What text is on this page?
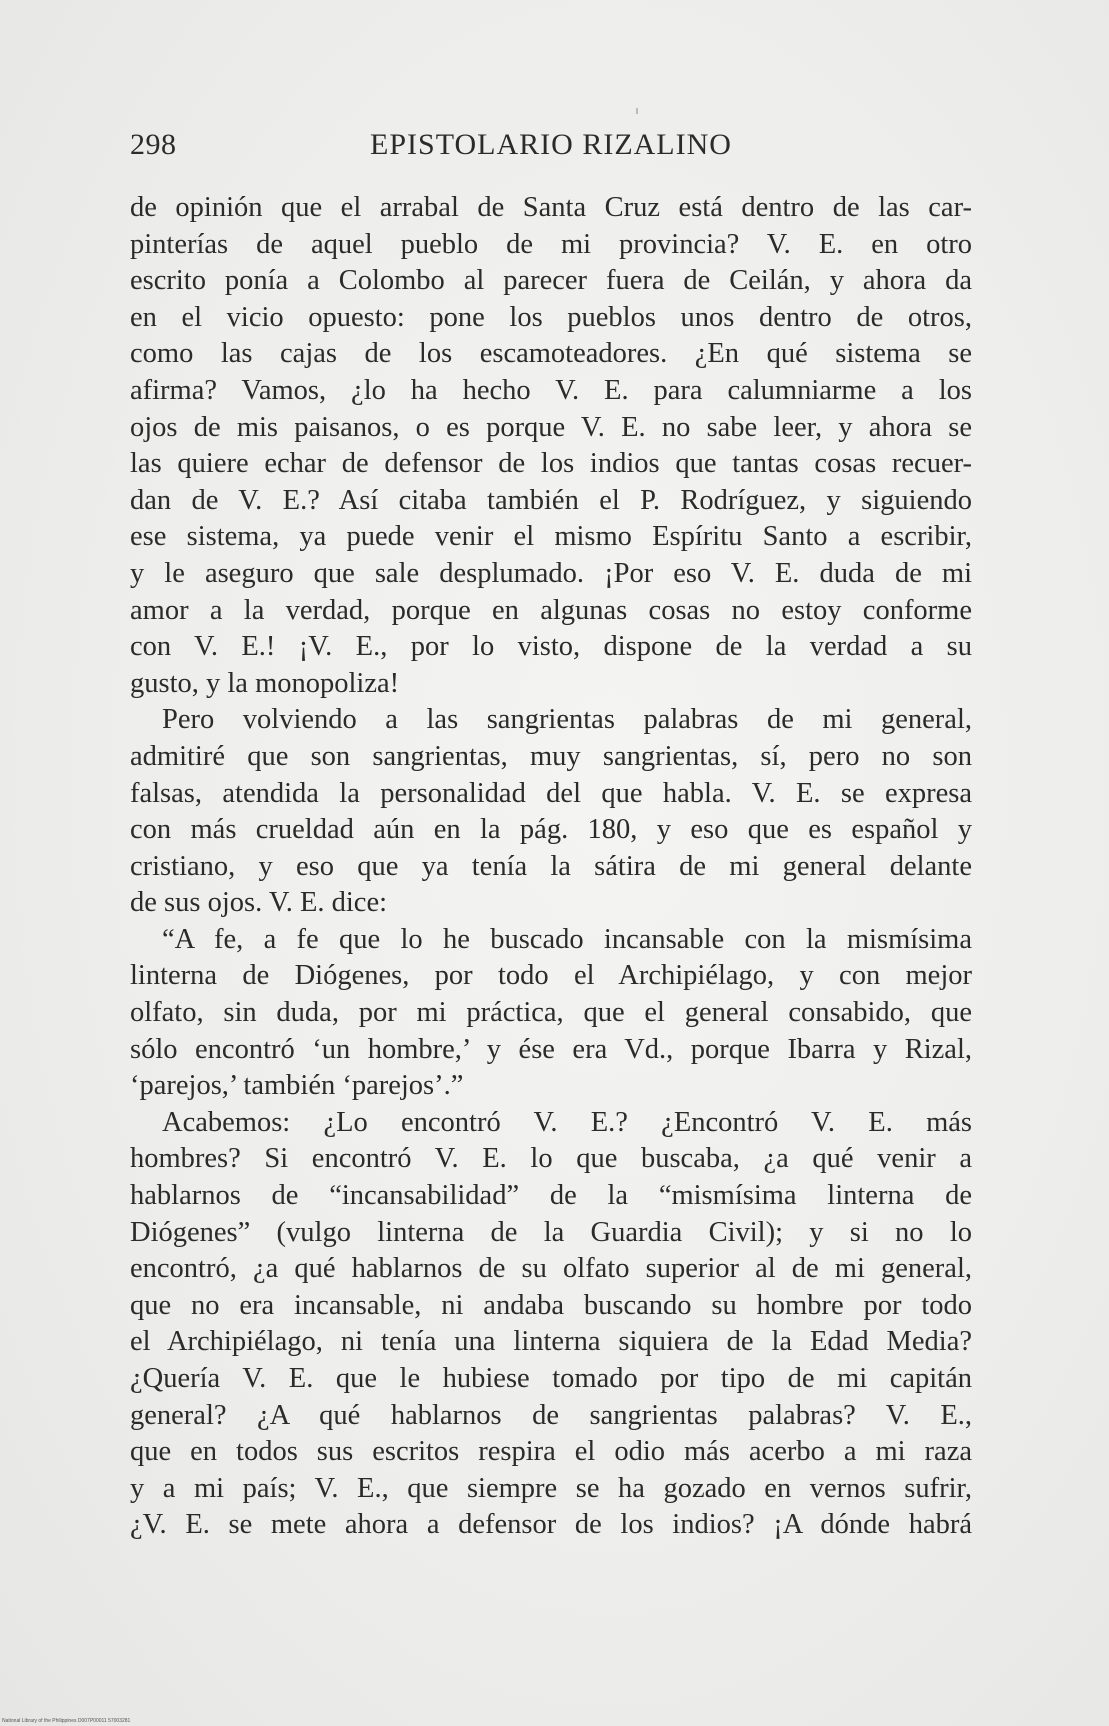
298	EPISTOLARIO RIZALINO
de opinión que el arrabal de Santa Cruz está dentro de las car-
pinterías de aquel pueblo de mi provincia? V. E. en otro
escrito ponía a Colombo al parecer fuera de Ceilán, y ahora da
en el vicio opuesto: pone los pueblos unos dentro de otros,
como las cajas de los escamoteadores. ¿En qué sistema se
afirma? Vamos, ¿lo ha hecho V. E. para calumniarme a los
ojos de mis paisanos, o es porque V. E. no sabe leer, y ahora se
las quiere echar de defensor de los indios que tantas cosas recuer-
dan de V. E.? Así citaba también el P. Rodríguez, y siguiendo
ese sistema, ya puede venir el mismo Espíritu Santo a escribir,
y le aseguro que sale desplumado. ¡Por eso V. E. duda de mi
amor a la verdad, porque en algunas cosas no estoy conforme
con V. E.! ¡V. E., por lo visto, dispone de la verdad a su
gusto, y la monopoliza!
Pero volviendo a las sangrientas palabras de mi general,
admitiré que son sangrientas, muy sangrientas, sí, pero no son
falsas, atendida la personalidad del que habla. V. E. se expresa
con más crueldad aún en la pág. 180, y eso que es español y
cristiano, y eso que ya tenía la sátira de mi general delante
de sus ojos. V. E. dice:
“A fe, a fe que lo he buscado incansable con la mismísima
linterna de Diógenes, por todo el Archipiélago, y con mejor
olfato, sin duda, por mi práctica, que el general consabido, que
sólo encontró ‘un hombre,’ y ése era Vd., porque Ibarra y Rizal,
‘parejos,’ también ‘parejos’.”
Acabemos: ¿Lo encontró V. E.? ¿Encontró V. E. más
hombres? Si encontró V. E. lo que buscaba, ¿a qué venir a
hablarnos de “incansabilidad” de la “mismísima linterna de
Diógenes” (vulgo linterna de la Guardia Civil); y si no lo
encontró, ¿a qué hablarnos de su olfato superior al de mi general,
que no era incansable, ni andaba buscando su hombre por todo
el Archipiélago, ni tenía una linterna siquiera de la Edad Media?
¿Quería V. E. que le hubiese tomado por tipo de mi capitán
general? ¿A qué hablarnos de sangrientas palabras? V. E.,
que en todos sus escritos respira el odio más acerbo a mi raza
y a mi país; V. E., que siempre se ha gozado en vernos sufrir,
¿V. E. se mete ahora a defensor de los indios? ¡A dónde habrá
National Library of the Philippines D007P00011 57003281
